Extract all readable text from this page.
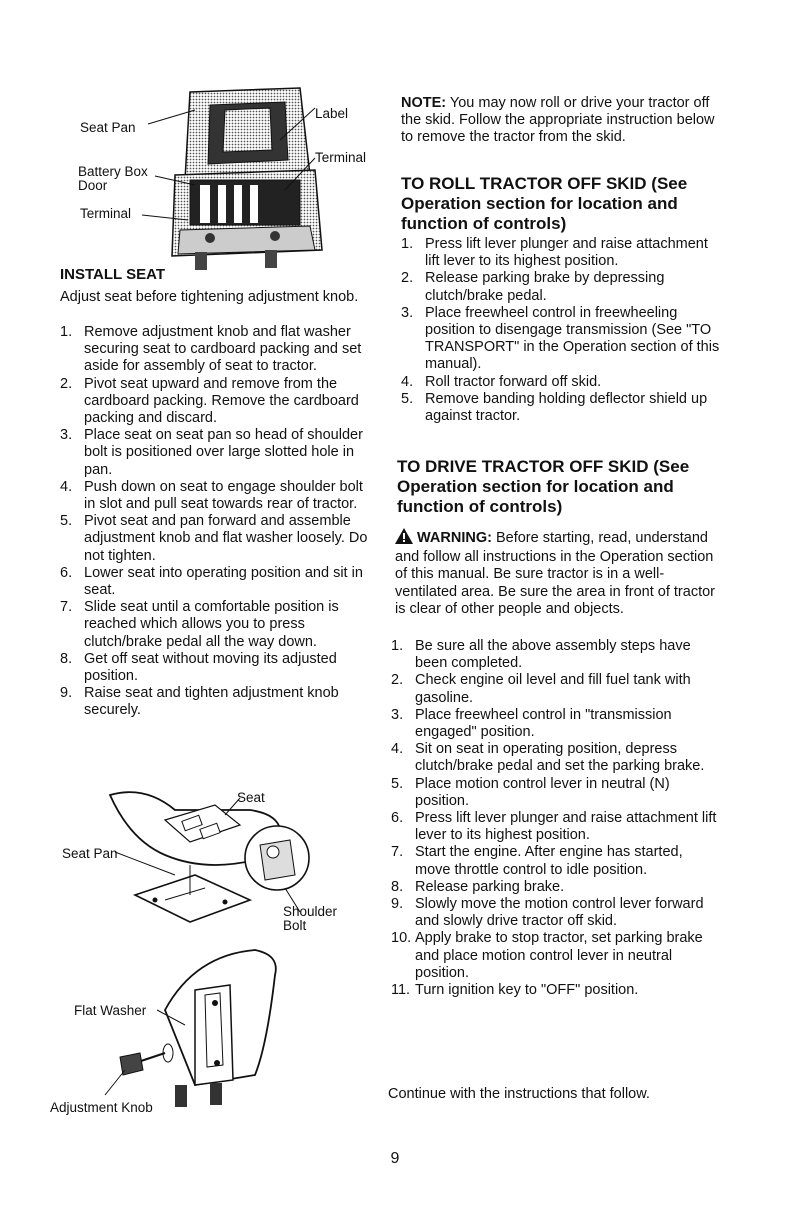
Seat Pan
Battery Box
Door
Terminal
Label
Terminal
INSTALL SEAT
Adjust seat before tightening adjustment knob.
1. Remove adjustment knob and flat washer securing seat to cardboard packing and set aside for assembly of seat to tractor.
2. Pivot seat upward and remove from the cardboard packing. Remove the cardboard packing and discard.
3. Place seat on seat pan so head of shoulder bolt is positioned over large slotted hole in pan.
4. Push down on seat to engage shoulder bolt in slot and pull seat towards rear of tractor.
5. Pivot seat and pan forward and assemble adjustment knob and flat washer loosely. Do not tighten.
6. Lower seat into operating position and sit in seat.
7. Slide seat until a comfortable position is reached which allows you to press clutch/brake pedal all the way down.
8. Get off seat without moving its adjusted position.
9. Raise seat and tighten adjustment knob securely.
Seat
Seat Pan
Shoulder
Bolt
Flat Washer
Adjustment Knob
NOTE: You may now roll or drive your tractor off the skid. Follow the appropriate instruction below to remove the tractor from the skid.
TO ROLL TRACTOR OFF SKID (See Operation section for location and function of controls)
1. Press lift lever plunger and raise attachment lift lever to its highest position.
2. Release parking brake by depressing clutch/brake pedal.
3. Place freewheel control in freewheeling position to disengage transmission (See "TO TRANSPORT" in the Operation section of this manual).
4. Roll tractor forward off skid.
5. Remove banding holding deflector shield up against tractor.
TO DRIVE TRACTOR OFF SKID (See Operation section for location and function of controls)
WARNING: Before starting, read, understand and follow all instructions in the Operation section of this manual. Be sure tractor is in a well-ventilated area. Be sure the area in front of tractor is clear of other people and objects.
1. Be sure all the above assembly steps have been completed.
2. Check engine oil level and fill fuel tank with gasoline.
3. Place freewheel control in "transmission engaged" position.
4. Sit on seat in operating position, depress clutch/brake pedal and set the parking brake.
5. Place motion control lever in neutral (N) position.
6. Press lift lever plunger and raise attachment lift lever to its highest position.
7. Start the engine. After engine has started, move throttle control to idle position.
8. Release parking brake.
9. Slowly move the motion control lever forward and slowly drive tractor off skid.
10. Apply brake to stop tractor, set parking brake and place motion control lever in neutral position.
11. Turn ignition key to "OFF" position.
Continue with the instructions that follow.
9
